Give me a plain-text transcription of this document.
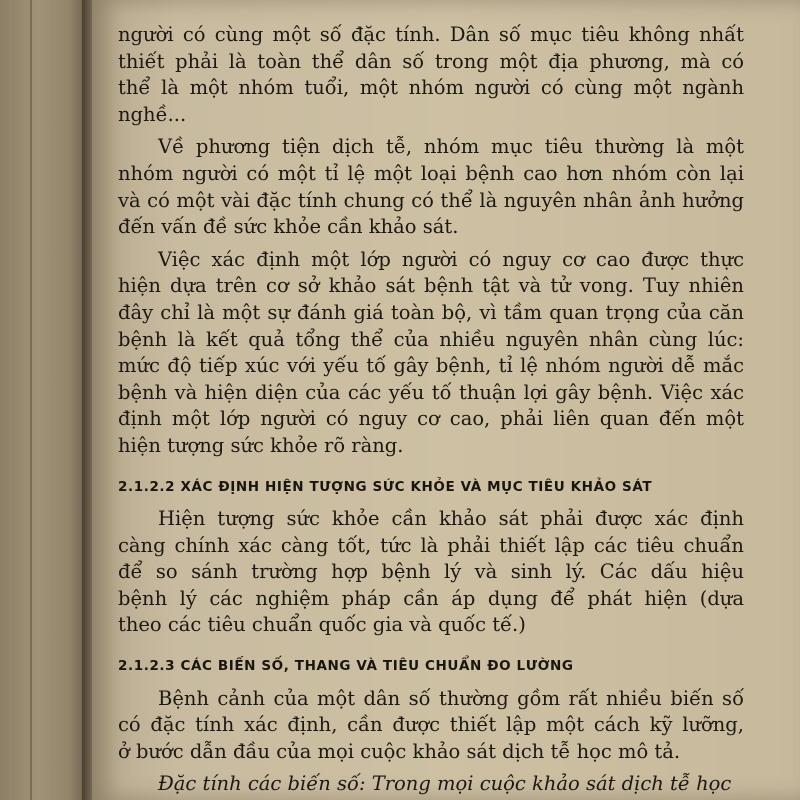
người có cùng một số đặc tính. Dân số mục tiêu không nhất
thiết phải là toàn thể dân số trong một địa phương, mà có
thể là một nhóm tuổi, một nhóm người có cùng một ngành
nghề...
Về phương tiện dịch tễ, nhóm mục tiêu thường là một
nhóm người có một tỉ lệ một loại bệnh cao hơn nhóm còn lại
và có một vài đặc tính chung có thể là nguyên nhân ảnh hưởng
đến vấn đề sức khỏe cần khảo sát.
Việc xác định một lớp người có nguy cơ cao được thực
hiện dựa trên cơ sở khảo sát bệnh tật và tử vong. Tuy nhiên
đây chỉ là một sự đánh giá toàn bộ, vì tầm quan trọng của căn
bệnh là kết quả tổng thể của nhiều nguyên nhân cùng lúc:
mức độ tiếp xúc với yếu tố gây bệnh, tỉ lệ nhóm người dễ mắc
bệnh và hiện diện của các yếu tố thuận lợi gây bệnh. Việc xác
định một lớp người có nguy cơ cao, phải liên quan đến một
hiện tượng sức khỏe rõ ràng.
2.1.2.2 XÁC ĐỊNH HIỆN TƯỢNG SỨC KHỎE VÀ MỤC TIÊU KHẢO SÁT
Hiện tượng sức khỏe cần khảo sát phải được xác định
càng chính xác càng tốt, tức là phải thiết lập các tiêu chuẩn
để so sánh trường hợp bệnh lý và sinh lý. Các dấu hiệu
bệnh lý các nghiệm pháp cần áp dụng để phát hiện (dựa
theo các tiêu chuẩn quốc gia và quốc tế.)
2.1.2.3 CÁC BIẾN SỐ, THANG VÀ TIÊU CHUẨN ĐO LƯỜNG
Bệnh cảnh của một dân số thường gồm rất nhiều biến số
có đặc tính xác định, cần được thiết lập một cách kỹ lưỡng,
ở bước dẫn đầu của mọi cuộc khảo sát dịch tễ học mô tả.
Đặc tính các biến số: Trong mọi cuộc khảo sát dịch tễ học
